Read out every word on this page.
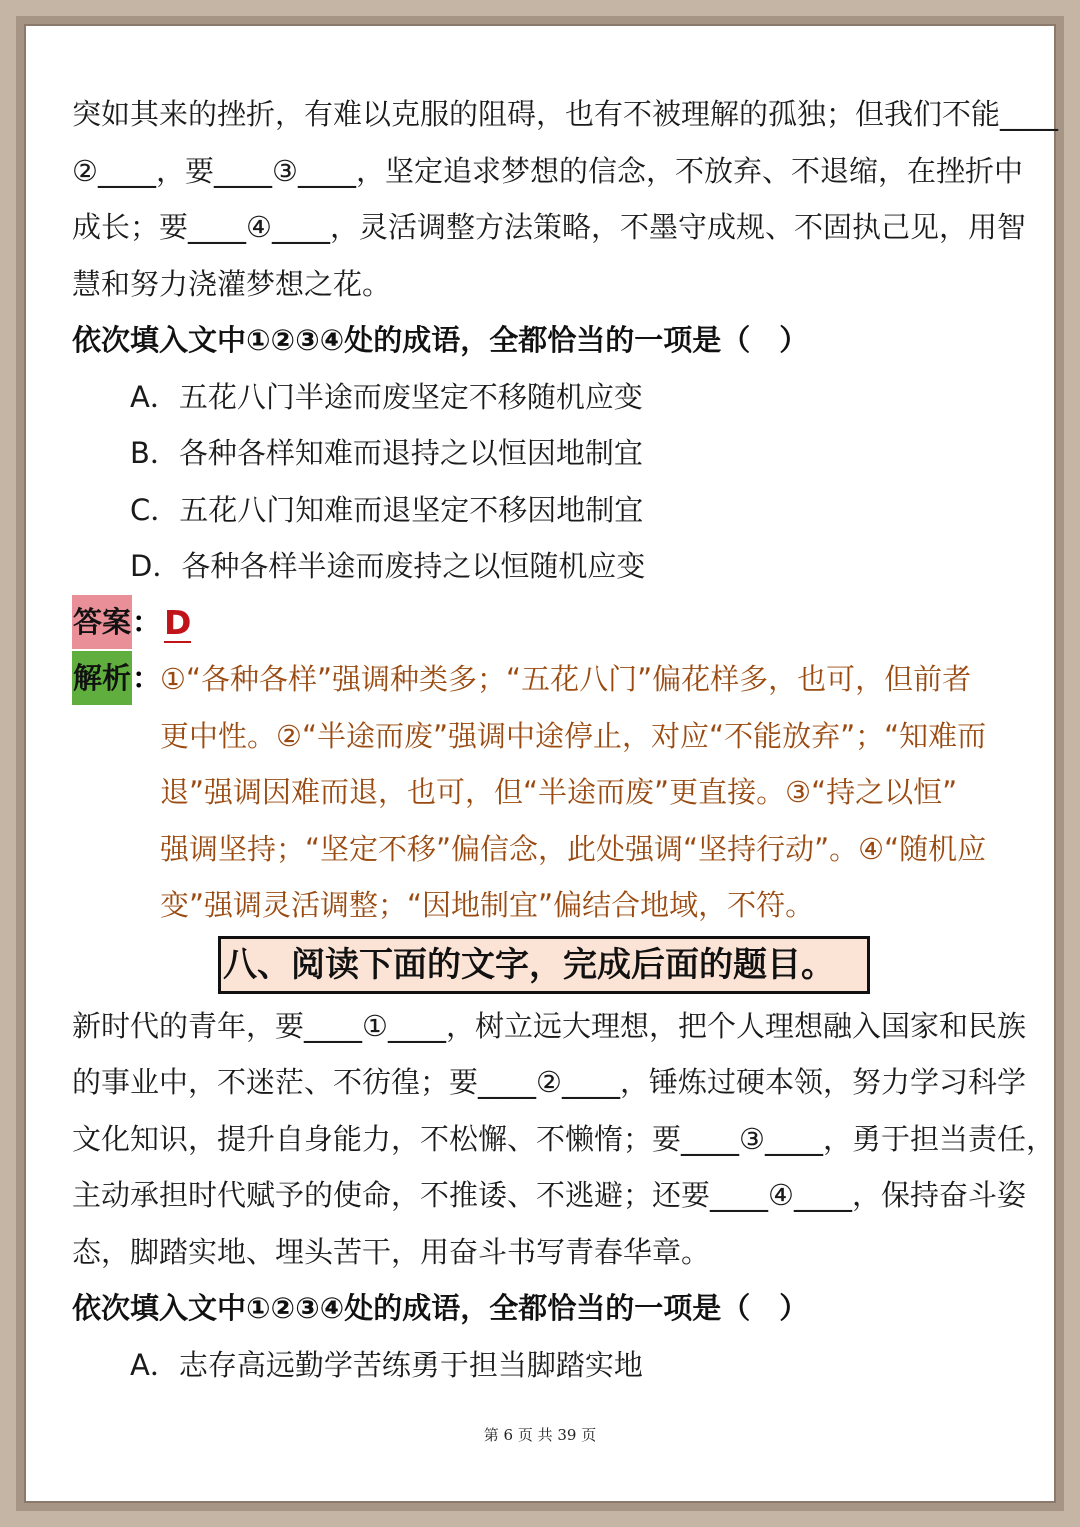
突如其来的挫折，有难以克服的阻碍，也有不被理解的孤独；但我们不能____
②____，要____③____，坚定追求梦想的信念，不放弃、不退缩，在挫折中
成长；要____④____，灵活调整方法策略，不墨守成规、不固执己见，用智
慧和努力浇灌梦想之花。
依次填入文中①②③④处的成语，全都恰当的一项是（　）
A．五花八门半途而废坚定不移随机应变
B．各种各样知难而退持之以恒因地制宜
C．五花八门知难而退坚定不移因地制宜
D．各种各样半途而废持之以恒随机应变
答案： D
解析：
①“各种各样”强调种类多；“五花八门”偏花样多，也可，但前者
更中性。②“半途而废”强调中途停止，对应“不能放弃”；“知难而
退”强调因难而退，也可，但“半途而废”更直接。③“持之以恒”
强调坚持；“坚定不移”偏信念，此处强调“坚持行动”。④“随机应
变”强调灵活调整；“因地制宜”偏结合地域，不符。
八、阅读下面的文字，完成后面的题目。
新时代的青年，要____①____，树立远大理想，把个人理想融入国家和民族
的事业中，不迷茫、不彷徨；要____②____，锤炼过硬本领，努力学习科学
文化知识，提升自身能力，不松懈、不懒惰；要____③____，勇于担当责任，
主动承担时代赋予的使命，不推诿、不逃避；还要____④____，保持奋斗姿
态，脚踏实地、埋头苦干，用奋斗书写青春华章。
依次填入文中①②③④处的成语，全都恰当的一项是（　）
A．志存高远勤学苦练勇于担当脚踏实地
第 6 页 共 39 页
